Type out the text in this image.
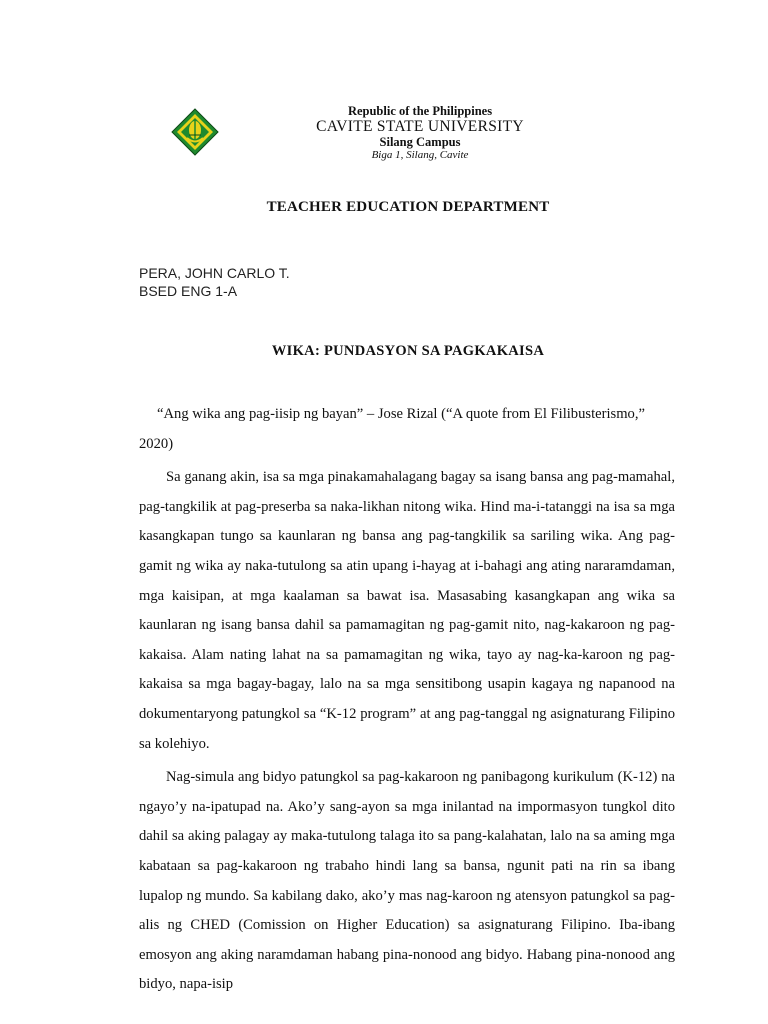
Republic of the Philippines
CAVITE STATE UNIVERSITY
Silang Campus
Biga 1, Silang, Cavite
TEACHER EDUCATION DEPARTMENT
PERA, JOHN CARLO T.
BSED ENG 1-A
WIKA: PUNDASYON SA PAGKAKAISA

“Ang wika ang pag-iisip ng bayan” – Jose Rizal (“A quote from El Filibusterismo,” 2020)

Sa ganang akin, isa sa mga pinakamahalagang bagay sa isang bansa ang pag-mamahal, pag-tangkilik at pag-preserba sa naka-likhan nitong wika. Hind ma-i-tatanggi na isa sa mga kasangkapan tungo sa kaunlaran ng bansa ang pag-tangkilik sa sariling wika. Ang pag-gamit ng wika ay naka-tutulong sa atin upang i-hayag at i-bahagi ang ating nararamdaman, mga kaisipan, at mga kaalaman sa bawat isa. Masasabing kasangkapan ang wika sa kaunlaran ng isang bansa dahil sa pamamagitan ng pag-gamit nito, nag-kakaroon ng pag-kakaisa. Alam nating lahat na sa pamamagitan ng wika, tayo ay nag-ka-karoon ng pag-kakaisa sa mga bagay-bagay, lalo na sa mga sensitibong usapin kagaya ng napanood na dokumentaryong patungkol sa “K-12 program” at ang pag-tanggal ng asignaturang Filipino sa kolehiyo.

Nag-simula ang bidyo patungkol sa pag-kakaroon ng panibagong kurikulum (K-12) na ngayo’y na-ipatupad na. Ako’y sang-ayon sa mga inilantad na impormasyon tungkol dito dahil sa aking palagay ay maka-tutulong talaga ito sa pang-kalahatan, lalo na sa aming mga kabataan sa pag-kakaroon ng trabaho hindi lang sa bansa, ngunit pati na rin sa ibang lupalop ng mundo. Sa kabilang dako, ako’y mas nag-karoon ng atensyon patungkol sa pag-alis ng CHED (Comission on Higher Education) sa asignaturang Filipino. Iba-ibang emosyon ang aking naramdaman habang pina-nonood ang bidyo. Habang pina-nonood ang bidyo, napa-isip
